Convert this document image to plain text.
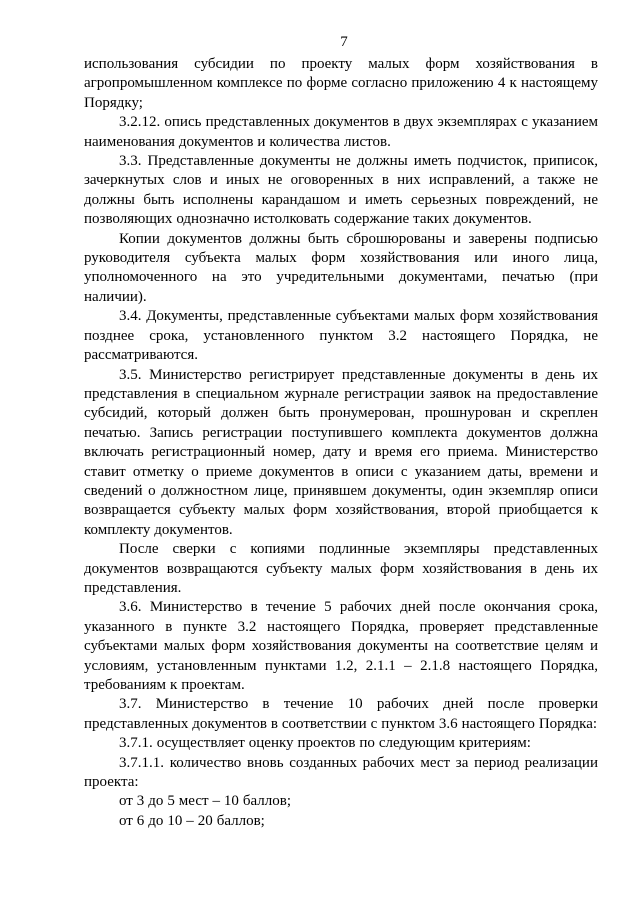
7

использования субсидии по проекту малых форм хозяйствования в агропромышленном комплексе по форме согласно приложению 4 к настоящему Порядку;

3.2.12. опись представленных документов в двух экземплярах с указанием наименования документов и количества листов.

3.3. Представленные документы не должны иметь подчисток, приписок, зачеркнутых слов и иных не оговоренных в них исправлений, а также не должны быть исполнены карандашом и иметь серьезных повреждений, не позволяющих однозначно истолковать содержание таких документов.

Копии документов должны быть сброшюрованы и заверены подписью руководителя субъекта малых форм хозяйствования или иного лица, уполномоченного на это учредительными документами, печатью (при наличии).

3.4. Документы, представленные субъектами малых форм хозяйствования позднее срока, установленного пунктом 3.2 настоящего Порядка, не рассматриваются.

3.5. Министерство регистрирует представленные документы в день их представления в специальном журнале регистрации заявок на предоставление субсидий, который должен быть пронумерован, прошнурован и скреплен печатью. Запись регистрации поступившего комплекта документов должна включать регистрационный номер, дату и время его приема. Министерство ставит отметку о приеме документов в описи с указанием даты, времени и сведений о должностном лице, принявшем документы, один экземпляр описи возвращается субъекту малых форм хозяйствования, второй приобщается к комплекту документов.

После сверки с копиями подлинные экземпляры представленных документов возвращаются субъекту малых форм хозяйствования в день их представления.

3.6. Министерство в течение 5 рабочих дней после окончания срока, указанного в пункте 3.2 настоящего Порядка, проверяет представленные субъектами малых форм хозяйствования документы на соответствие целям и условиям, установленным пунктами 1.2, 2.1.1 – 2.1.8 настоящего Порядка, требованиям к проектам.

3.7. Министерство в течение 10 рабочих дней после проверки представленных документов в соответствии с пунктом 3.6 настоящего Порядка:

3.7.1. осуществляет оценку проектов по следующим критериям:

3.7.1.1. количество вновь созданных рабочих мест за период реализации проекта:

от 3 до 5 мест – 10 баллов;

от 6 до 10 – 20 баллов;
